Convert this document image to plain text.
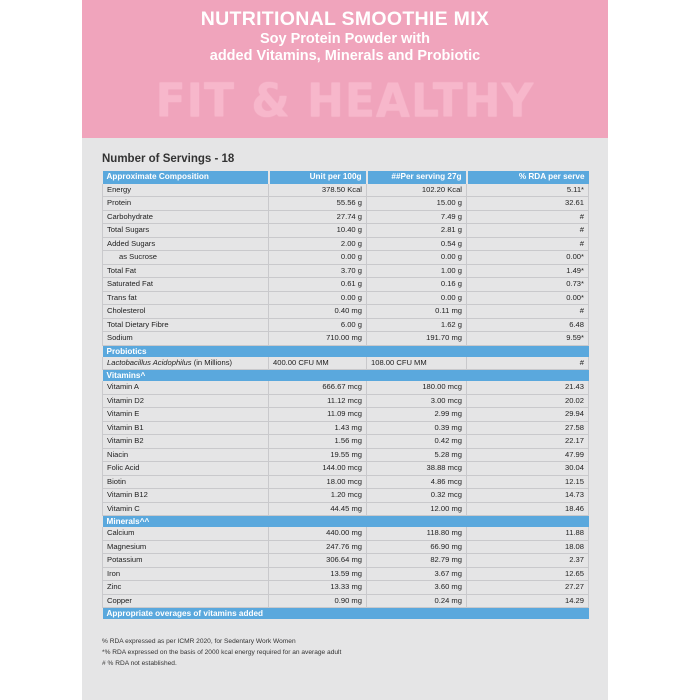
NUTRITIONAL SMOOTHIE MIX
Soy Protein Powder with
added Vitamins, Minerals and Probiotic
FIT & HEALTHY
Number of Servings - 18
Approximate Composition	Unit per 100g	##Per serving 27g	% RDA per serve
Energy	378.50 Kcal	102.20 Kcal	5.11*
Protein	55.56 g	15.00 g	32.61
Carbohydrate	27.74 g	7.49 g	#
Total Sugars	10.40 g	2.81 g	#
Added Sugars	2.00 g	0.54 g	#
as Sucrose	0.00 g	0.00 g	0.00*
Total Fat	3.70 g	1.00 g	1.49*
Saturated Fat	0.61 g	0.16 g	0.73*
Trans fat	0.00 g	0.00 g	0.00*
Cholesterol	0.40 mg	0.11 mg	#
Total Dietary Fibre	6.00 g	1.62 g	6.48
Sodium	710.00 mg	191.70 mg	9.59*
Probiotics			
Lactobacillus Acidophilus (in Millions)	400.00 CFU MM	108.00 CFU MM	#
Vitamins^			
Vitamin A	666.67 mcg	180.00 mcg	21.43
Vitamin D2	11.12 mcg	3.00 mcg	20.02
Vitamin E	11.09 mcg	2.99 mg	29.94
Vitamin B1	1.43 mg	0.39 mg	27.58
Vitamin B2	1.56 mg	0.42 mg	22.17
Niacin	19.55 mg	5.28 mg	47.99
Folic Acid	144.00 mcg	38.88 mcg	30.04
Biotin	18.00 mcg	4.86 mcg	12.15
Vitamin B12	1.20 mcg	0.32 mcg	14.73
Vitamin C	44.45 mg	12.00 mg	18.46
Minerals^^			
Calcium	440.00 mg	118.80 mg	11.88
Magnesium	247.76 mg	66.90 mg	18.08
Potassium	306.64 mg	82.79 mg	2.37
Iron	13.59 mg	3.67 mg	12.65
Zinc	13.33 mg	3.60 mg	27.27
Copper	0.90 mg	0.24 mg	14.29
Appropriate overages of vitamins added			
% RDA expressed as per ICMR 2020, for Sedentary Work Women
*% RDA expressed on the basis of 2000 kcal energy required for an average adult
# % RDA not established.
